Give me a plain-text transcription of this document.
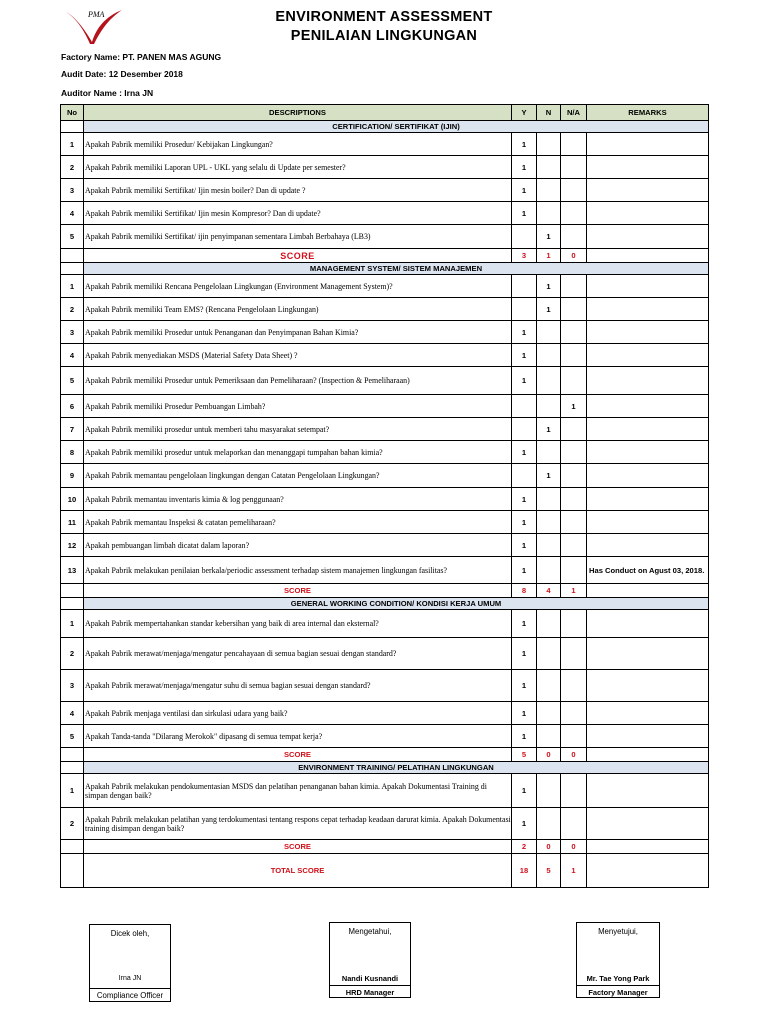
PMA	ENVIRONMENT ASSESSMENT
PENILAIAN LINGKUNGAN
Factory Name: PT. PANEN MAS AGUNG
Audit Date: 12 Desember 2018
Auditor Name : Irna JN
No	DESCRIPTIONS	Y	N	N/A	REMARKS
	CERTIFICATION/ SERTIFIKAT (IJIN)				
1	Apakah Pabrik memiliki Prosedur/ Kebijakan Lingkungan?	1			
2	Apakah Pabrik memiliki Laporan UPL - UKL yang selalu di Update per semester?	1			
3	Apakah Pabrik memiliki Sertifikat/ Ijin mesin boiler? Dan di update ?	1			
4	Apakah Pabrik memiliki Sertifikat/ Ijin mesin Kompresor? Dan di update?	1			
5	Apakah Pabrik memiliki Sertifikat/ ijin penyimpanan sementara Limbah Berbahaya (LB3)		1		
	SCORE	3	1	0	
	MANAGEMENT SYSTEM/ SISTEM MANAJEMEN				
1	Apakah Pabrik memiliki Rencana Pengelolaan Lingkungan (Environment Management System)?		1		
2	Apakah Pabrik memiliki Team EMS? (Rencana Pengelolaan Lingkungan)		1		
3	Apakah Pabrik memiliki Prosedur untuk Penanganan dan Penyimpanan Bahan Kimia?	1			
4	Apakah Pabrik menyediakan MSDS (Material Safety Data Sheet) ?	1			
5	Apakah Pabrik memiliki Prosedur untuk Pemeriksaan dan Pemeliharaan? (Inspection & Pemeliharaan)	1			
6	Apakah Pabrik memiliki Prosedur Pembuangan Limbah?			1	
7	Apakah Pabrik memiliki prosedur untuk memberi tahu masyarakat setempat?		1		
8	Apakah Pabrik memiliki prosedur untuk melaporkan dan menanggapi tumpahan bahan kimia?	1			
9	Apakah Pabrik memantau pengelolaan lingkungan dengan Catatan Pengelolaan Lingkungan?		1		
10	Apakah Pabrik memantau inventaris kimia & log penggunaan?	1			
11	Apakah Pabrik memantau Inspeksi & catatan pemeliharaan?	1			
12	Apakah pembuangan limbah dicatat dalam laporan?	1			
13	Apakah Pabrik melakukan penilaian berkala/periodic assessment terhadap sistem manajemen lingkungan fasilitas?	1			Has Conduct on Agust 03, 2018.
	SCORE	8	4	1	
	GENERAL WORKING CONDITION/ KONDISI KERJA UMUM				
1	Apakah Pabrik mempertahankan standar kebersihan yang baik di area internal dan eksternal?	1			
2	Apakah Pabrik merawat/menjaga/mengatur pencahayaan di semua bagian sesuai dengan standard?	1			
3	Apakah Pabrik merawat/menjaga/mengatur suhu di semua bagian sesuai dengan standard?	1			
4	Apakah Pabrik menjaga ventilasi dan sirkulasi udara yang baik?	1			
5	Apakah Tanda-tanda "Dilarang Merokok" dipasang di semua tempat kerja?	1			
	SCORE	5	0	0	
	ENVIRONMENT TRAINING/ PELATIHAN LINGKUNGAN				
1	Apakah Pabrik melakukan pendokumentasian MSDS dan pelatihan penanganan bahan kimia. Apakah Dokumentasi Training di simpan dengan baik?	1			
2	Apakah Pabrik melakukan pelatihan yang terdokumentasi tentang respons cepat terhadap keadaan darurat kimia. Apakah Dokumentasi training disimpan dengan baik?	1			
	SCORE	2	0	0	
	TOTAL SCORE	18	5	1	
Dicek oleh,
Irna JN
Compliance Officer
Mengetahui,
Nandi Kusnandi
HRD Manager
Menyetujui,
Mr. Tae Yong Park
Factory Manager
